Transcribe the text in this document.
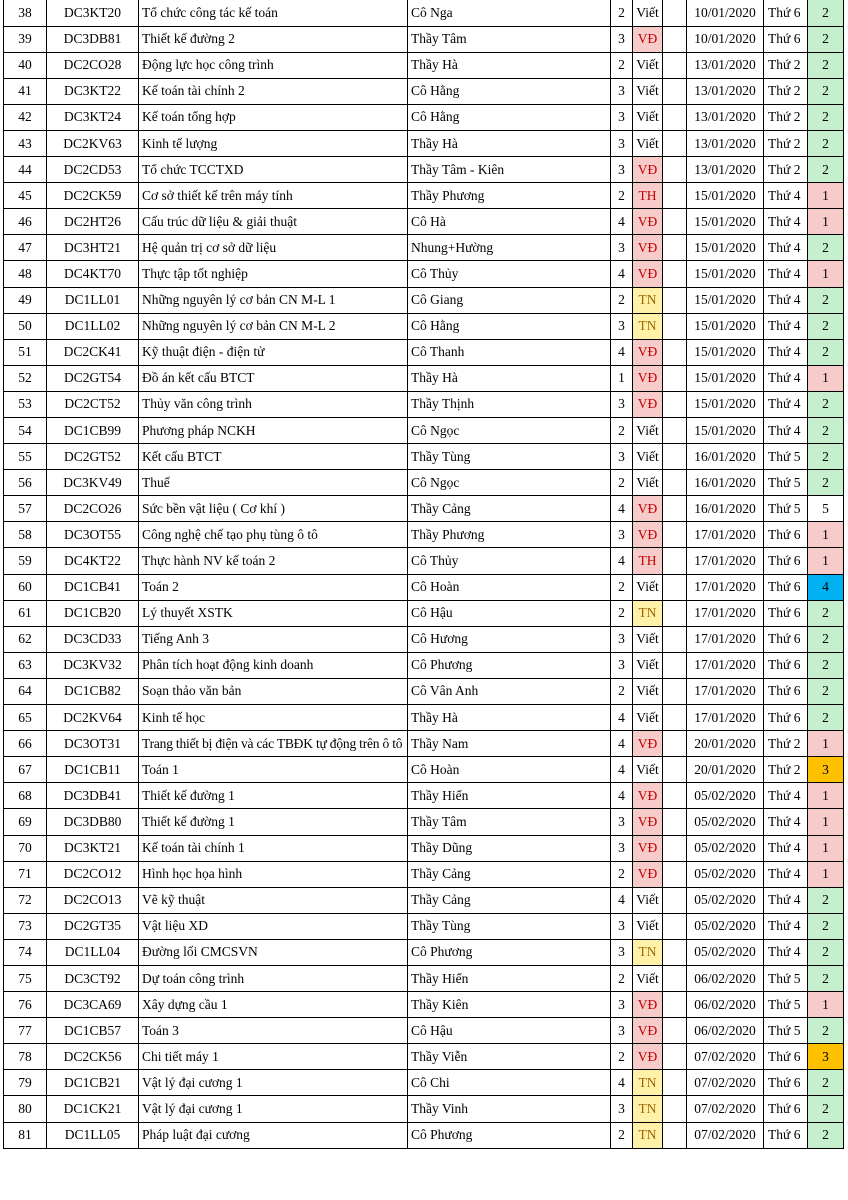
38	DC3KT20	Tổ chức công tác kế toán	Cô Nga	2	Viết		10/01/2020	Thứ 6	2
39	DC3DB81	Thiết kế đường 2	Thầy Tâm	3	VĐ		10/01/2020	Thứ 6	2
40	DC2CO28	Động lực học công trình	Thầy Hà	2	Viết		13/01/2020	Thứ 2	2
41	DC3KT22	Kế toán tài chính 2	Cô Hằng	3	Viết		13/01/2020	Thứ 2	2
42	DC3KT24	Kế toán tổng hợp	Cô Hằng	3	Viết		13/01/2020	Thứ 2	2
43	DC2KV63	Kinh tế lượng	Thầy Hà	3	Viết		13/01/2020	Thứ 2	2
44	DC2CD53	Tổ chức TCCTXD	Thầy Tâm - Kiên	3	VĐ		13/01/2020	Thứ 2	2
45	DC2CK59	Cơ sở thiết kế trên máy tính	Thầy Phương	2	TH		15/01/2020	Thứ 4	1
46	DC2HT26	Cấu trúc dữ liệu & giải thuật	Cô Hà	4	VĐ		15/01/2020	Thứ 4	1
47	DC3HT21	Hệ quản trị cơ sở dữ liệu	Nhung+Hường	3	VĐ		15/01/2020	Thứ 4	2
48	DC4KT70	Thực tập tốt nghiệp	Cô Thủy	4	VĐ		15/01/2020	Thứ 4	1
49	DC1LL01	Những nguyên lý cơ bản CN M-L 1	Cô Giang	2	TN		15/01/2020	Thứ 4	2
50	DC1LL02	Những nguyên lý cơ bản CN M-L 2	Cô Hằng	3	TN		15/01/2020	Thứ 4	2
51	DC2CK41	Kỹ thuật điện - điện tử	Cô Thanh	4	VĐ		15/01/2020	Thứ 4	2
52	DC2GT54	Đồ án kết cấu BTCT	Thầy Hà	1	VĐ		15/01/2020	Thứ 4	1
53	DC2CT52	Thủy văn công trình	Thầy Thịnh	3	VĐ		15/01/2020	Thứ 4	2
54	DC1CB99	Phương pháp NCKH	Cô Ngọc	2	Viết		15/01/2020	Thứ 4	2
55	DC2GT52	Kết cấu BTCT	Thầy Tùng	3	Viết		16/01/2020	Thứ 5	2
56	DC3KV49	Thuế	Cô Ngọc	2	Viết		16/01/2020	Thứ 5	2
57	DC2CO26	Sức bền vật liệu ( Cơ khí )	Thầy Cảng	4	VĐ		16/01/2020	Thứ 5	5
58	DC3OT55	Công nghệ chế tạo phụ tùng ô tô	Thầy Phương	3	VĐ		17/01/2020	Thứ 6	1
59	DC4KT22	Thực hành NV kế toán 2	Cô Thủy	4	TH		17/01/2020	Thứ 6	1
60	DC1CB41	Toán 2	Cô Hoàn	2	Viết		17/01/2020	Thứ 6	4
61	DC1CB20	Lý thuyết XSTK	Cô Hậu	2	TN		17/01/2020	Thứ 6	2
62	DC3CD33	Tiếng Anh 3	Cô Hương	3	Viết		17/01/2020	Thứ 6	2
63	DC3KV32	Phân tích hoạt động kinh doanh	Cô Phương	3	Viết		17/01/2020	Thứ 6	2
64	DC1CB82	Soạn thảo văn bản	Cô Vân Anh	2	Viết		17/01/2020	Thứ 6	2
65	DC2KV64	Kinh tế học	Thầy Hà	4	Viết		17/01/2020	Thứ 6	2
66	DC3OT31	Trang thiết bị điện và các TBĐK tự động trên ô tô	Thầy Nam	4	VĐ		20/01/2020	Thứ 2	1
67	DC1CB11	Toán 1	Cô Hoàn	4	Viết		20/01/2020	Thứ 2	3
68	DC3DB41	Thiết kế đường 1	Thầy Hiển	4	VĐ		05/02/2020	Thứ 4	1
69	DC3DB80	Thiết kế đường 1	Thầy Tâm	3	VĐ		05/02/2020	Thứ 4	1
70	DC3KT21	Kế toán tài chính 1	Thầy Dũng	3	VĐ		05/02/2020	Thứ 4	1
71	DC2CO12	Hình học họa hình	Thầy Cảng	2	VĐ		05/02/2020	Thứ 4	1
72	DC2CO13	Vẽ kỹ thuật	Thầy Cảng	4	Viết		05/02/2020	Thứ 4	2
73	DC2GT35	Vật liệu XD	Thầy Tùng	3	Viết		05/02/2020	Thứ 4	2
74	DC1LL04	Đường lối CMCSVN	Cô Phương	3	TN		05/02/2020	Thứ 4	2
75	DC3CT92	Dự toán công trình	Thầy Hiển	2	Viết		06/02/2020	Thứ 5	2
76	DC3CA69	Xây dựng cầu 1	Thầy Kiên	3	VĐ		06/02/2020	Thứ 5	1
77	DC1CB57	Toán 3	Cô Hậu	3	VĐ		06/02/2020	Thứ 5	2
78	DC2CK56	Chi tiết máy 1	Thầy Viễn	2	VĐ		07/02/2020	Thứ 6	3
79	DC1CB21	Vật lý đại cương 1	Cô Chi	4	TN		07/02/2020	Thứ 6	2
80	DC1CK21	Vật lý đại cương 1	Thầy Vinh	3	TN		07/02/2020	Thứ 6	2
81	DC1LL05	Pháp luật đại cương	Cô Phương	2	TN		07/02/2020	Thứ 6	2
